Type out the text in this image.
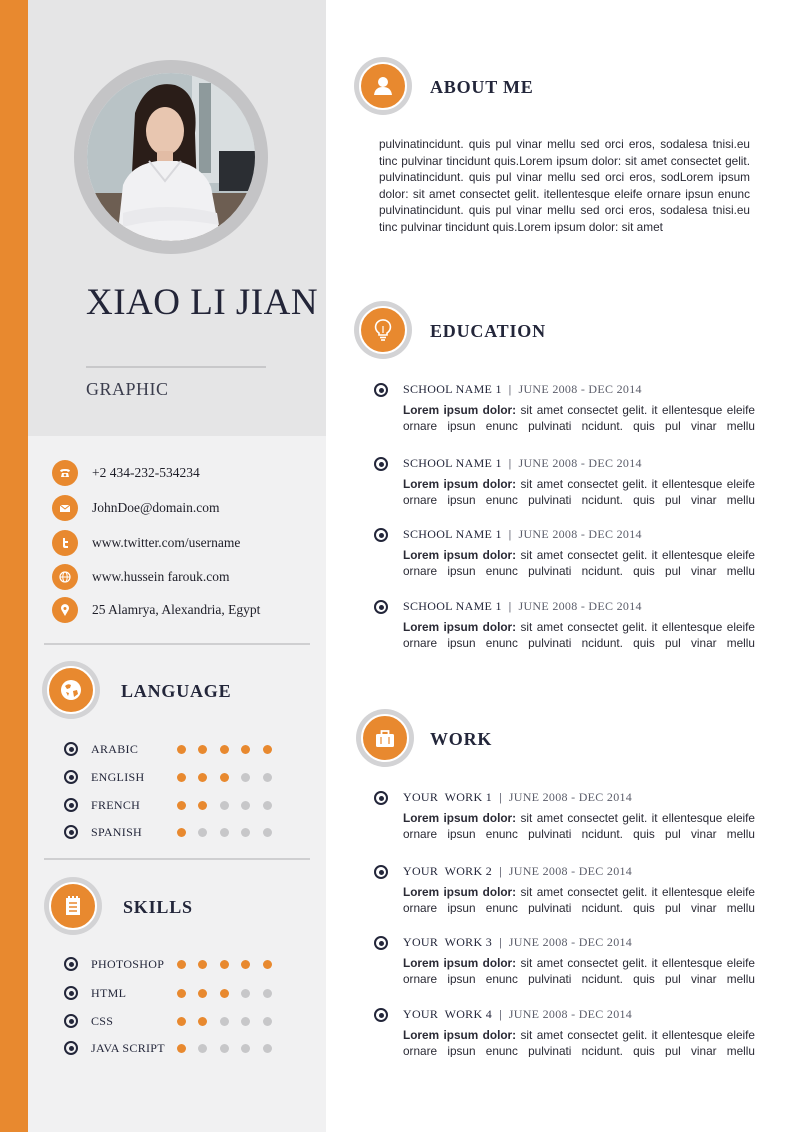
XIAO LI JIAN
GRAPHIC
+2 434-232-534234
JohnDoe@domain.com
www.twitter.com/username
www.hussein farouk.com
25 Alamrya, Alexandria, Egypt
LANGUAGE
ARABIC
ENGLISH
FRENCH
SPANISH
SKILLS
PHOTOSHOP
HTML
CSS
JAVA SCRIPT
ABOUT ME
pulvinatincidunt. quis pul vinar mellu sed orci eros, sodalesa tnisi.eu tinc pulvinar tincidunt quis.Lorem ipsum dolor: sit amet consectet gelit. pulvinatincidunt. quis pul vinar mellu sed orci eros, sodLorem ipsum dolor: sit amet consectet gelit. itellentesque eleife ornare ipsun enunc pulvinatincidunt. quis pul vinar mellu sed orci eros, sodalesa tnisi.eu tinc pulvinar tincidunt quis.Lorem ipsum dolor: sit amet
EDUCATION
SCHOOL NAME 1 | JUNE 2008 - DEC 2014
Lorem ipsum dolor: sit amet consectet gelit. it ellentesque eleife ornare ipsun enunc pulvinati ncidunt. quis pul vinar mellu
SCHOOL NAME 1 | JUNE 2008 - DEC 2014
Lorem ipsum dolor: sit amet consectet gelit. it ellentesque eleife ornare ipsun enunc pulvinati ncidunt. quis pul vinar mellu
SCHOOL NAME 1 | JUNE 2008 - DEC 2014
Lorem ipsum dolor: sit amet consectet gelit. it ellentesque eleife ornare ipsun enunc pulvinati ncidunt. quis pul vinar mellu
SCHOOL NAME 1 | JUNE 2008 - DEC 2014
Lorem ipsum dolor: sit amet consectet gelit. it ellentesque eleife ornare ipsun enunc pulvinati ncidunt. quis pul vinar mellu
WORK
YOUR  WORK 1 | JUNE 2008 - DEC 2014
Lorem ipsum dolor: sit amet consectet gelit. it ellentesque eleife ornare ipsun enunc pulvinati ncidunt. quis pul vinar mellu
YOUR  WORK 2 | JUNE 2008 - DEC 2014
Lorem ipsum dolor: sit amet consectet gelit. it ellentesque eleife ornare ipsun enunc pulvinati ncidunt. quis pul vinar mellu
YOUR  WORK 3 | JUNE 2008 - DEC 2014
Lorem ipsum dolor: sit amet consectet gelit. it ellentesque eleife ornare ipsun enunc pulvinati ncidunt. quis pul vinar mellu
YOUR  WORK 4 | JUNE 2008 - DEC 2014
Lorem ipsum dolor: sit amet consectet gelit. it ellentesque eleife ornare ipsun enunc pulvinati ncidunt. quis pul vinar mellu
